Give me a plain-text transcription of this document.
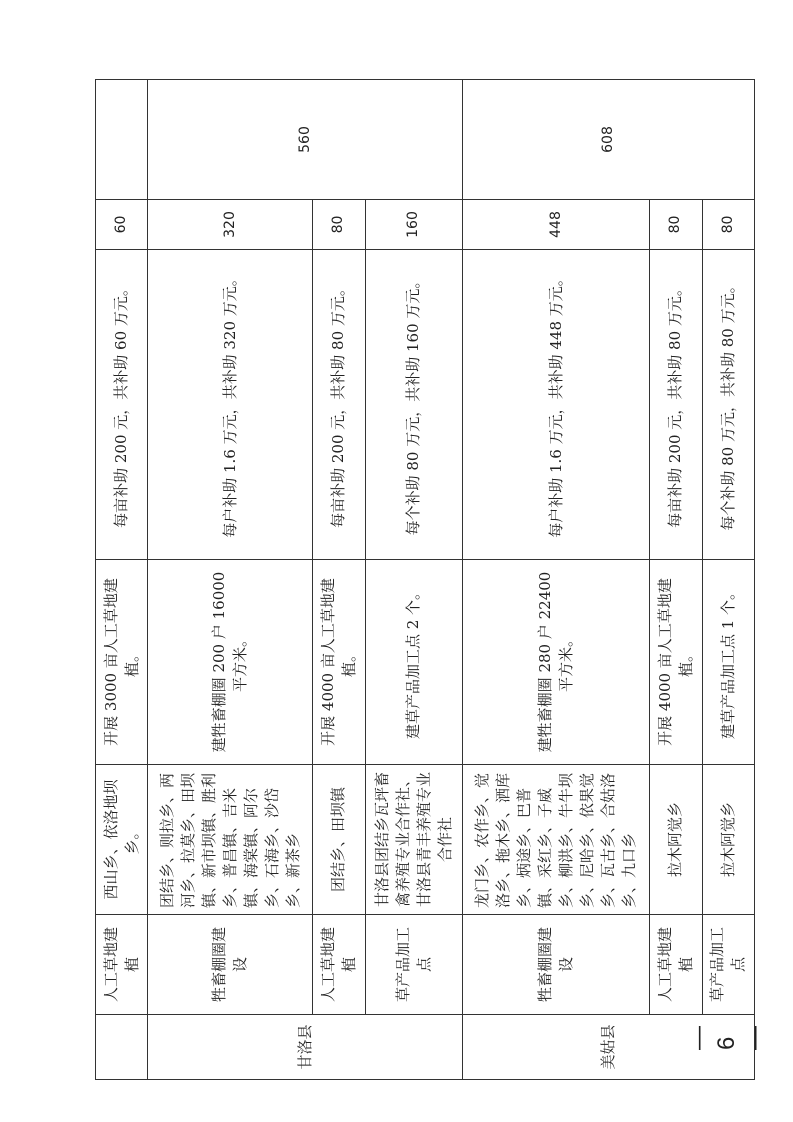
	人工草地建植	西山乡、依洛地坝乡。	开展 3000 亩人工草地建植。	每亩补助 200 元，共补助 60 万元。	60	
甘洛县	牲畜棚圈建设	团结乡、则拉乡、两河乡、拉莫乡、田坝镇、新市坝镇、胜利乡、普昌镇、吉米镇、海棠镇、阿尔乡、石海乡、沙岱乡、新茶乡	建牲畜棚圈 200 户 16000 平方米。	每户补助 1.6 万元，共补助 320 万元。	320	560
	人工草地建植	团结乡、田坝镇	开展 4000 亩人工草地建植。	每亩补助 200 元，共补助 80 万元。	80	
	草产品加工点	甘洛县团结乡瓦坪畜禽养殖专业合作社、甘洛县青丰养殖专业合作社	建草产品加工点 2 个。	每个补助 80 万元，共补助 160 万元。	160	
美姑县	牲畜棚圈建设	龙门乡、农作乡、觉洛乡、拖木乡、洒库乡、炳途乡、巴普镇、采红乡、子威乡、柳洪乡、牛牛坝乡、尼哈乡、依果觉乡、瓦古乡、合姑洛乡、九口乡	建牲畜棚圈 280 户 22400 平方米。	每户补助 1.6 万元，共补助 448 万元。	448	608
	人工草地建植	拉木阿觉乡	开展 4000 亩人工草地建植。	每亩补助 200 元，共补助 80 万元。	80	
	草产品加工点	拉木阿觉乡	建草产品加工点 1 个。	每个补助 80 万元，共补助 80 万元。	80	
— 6 —
